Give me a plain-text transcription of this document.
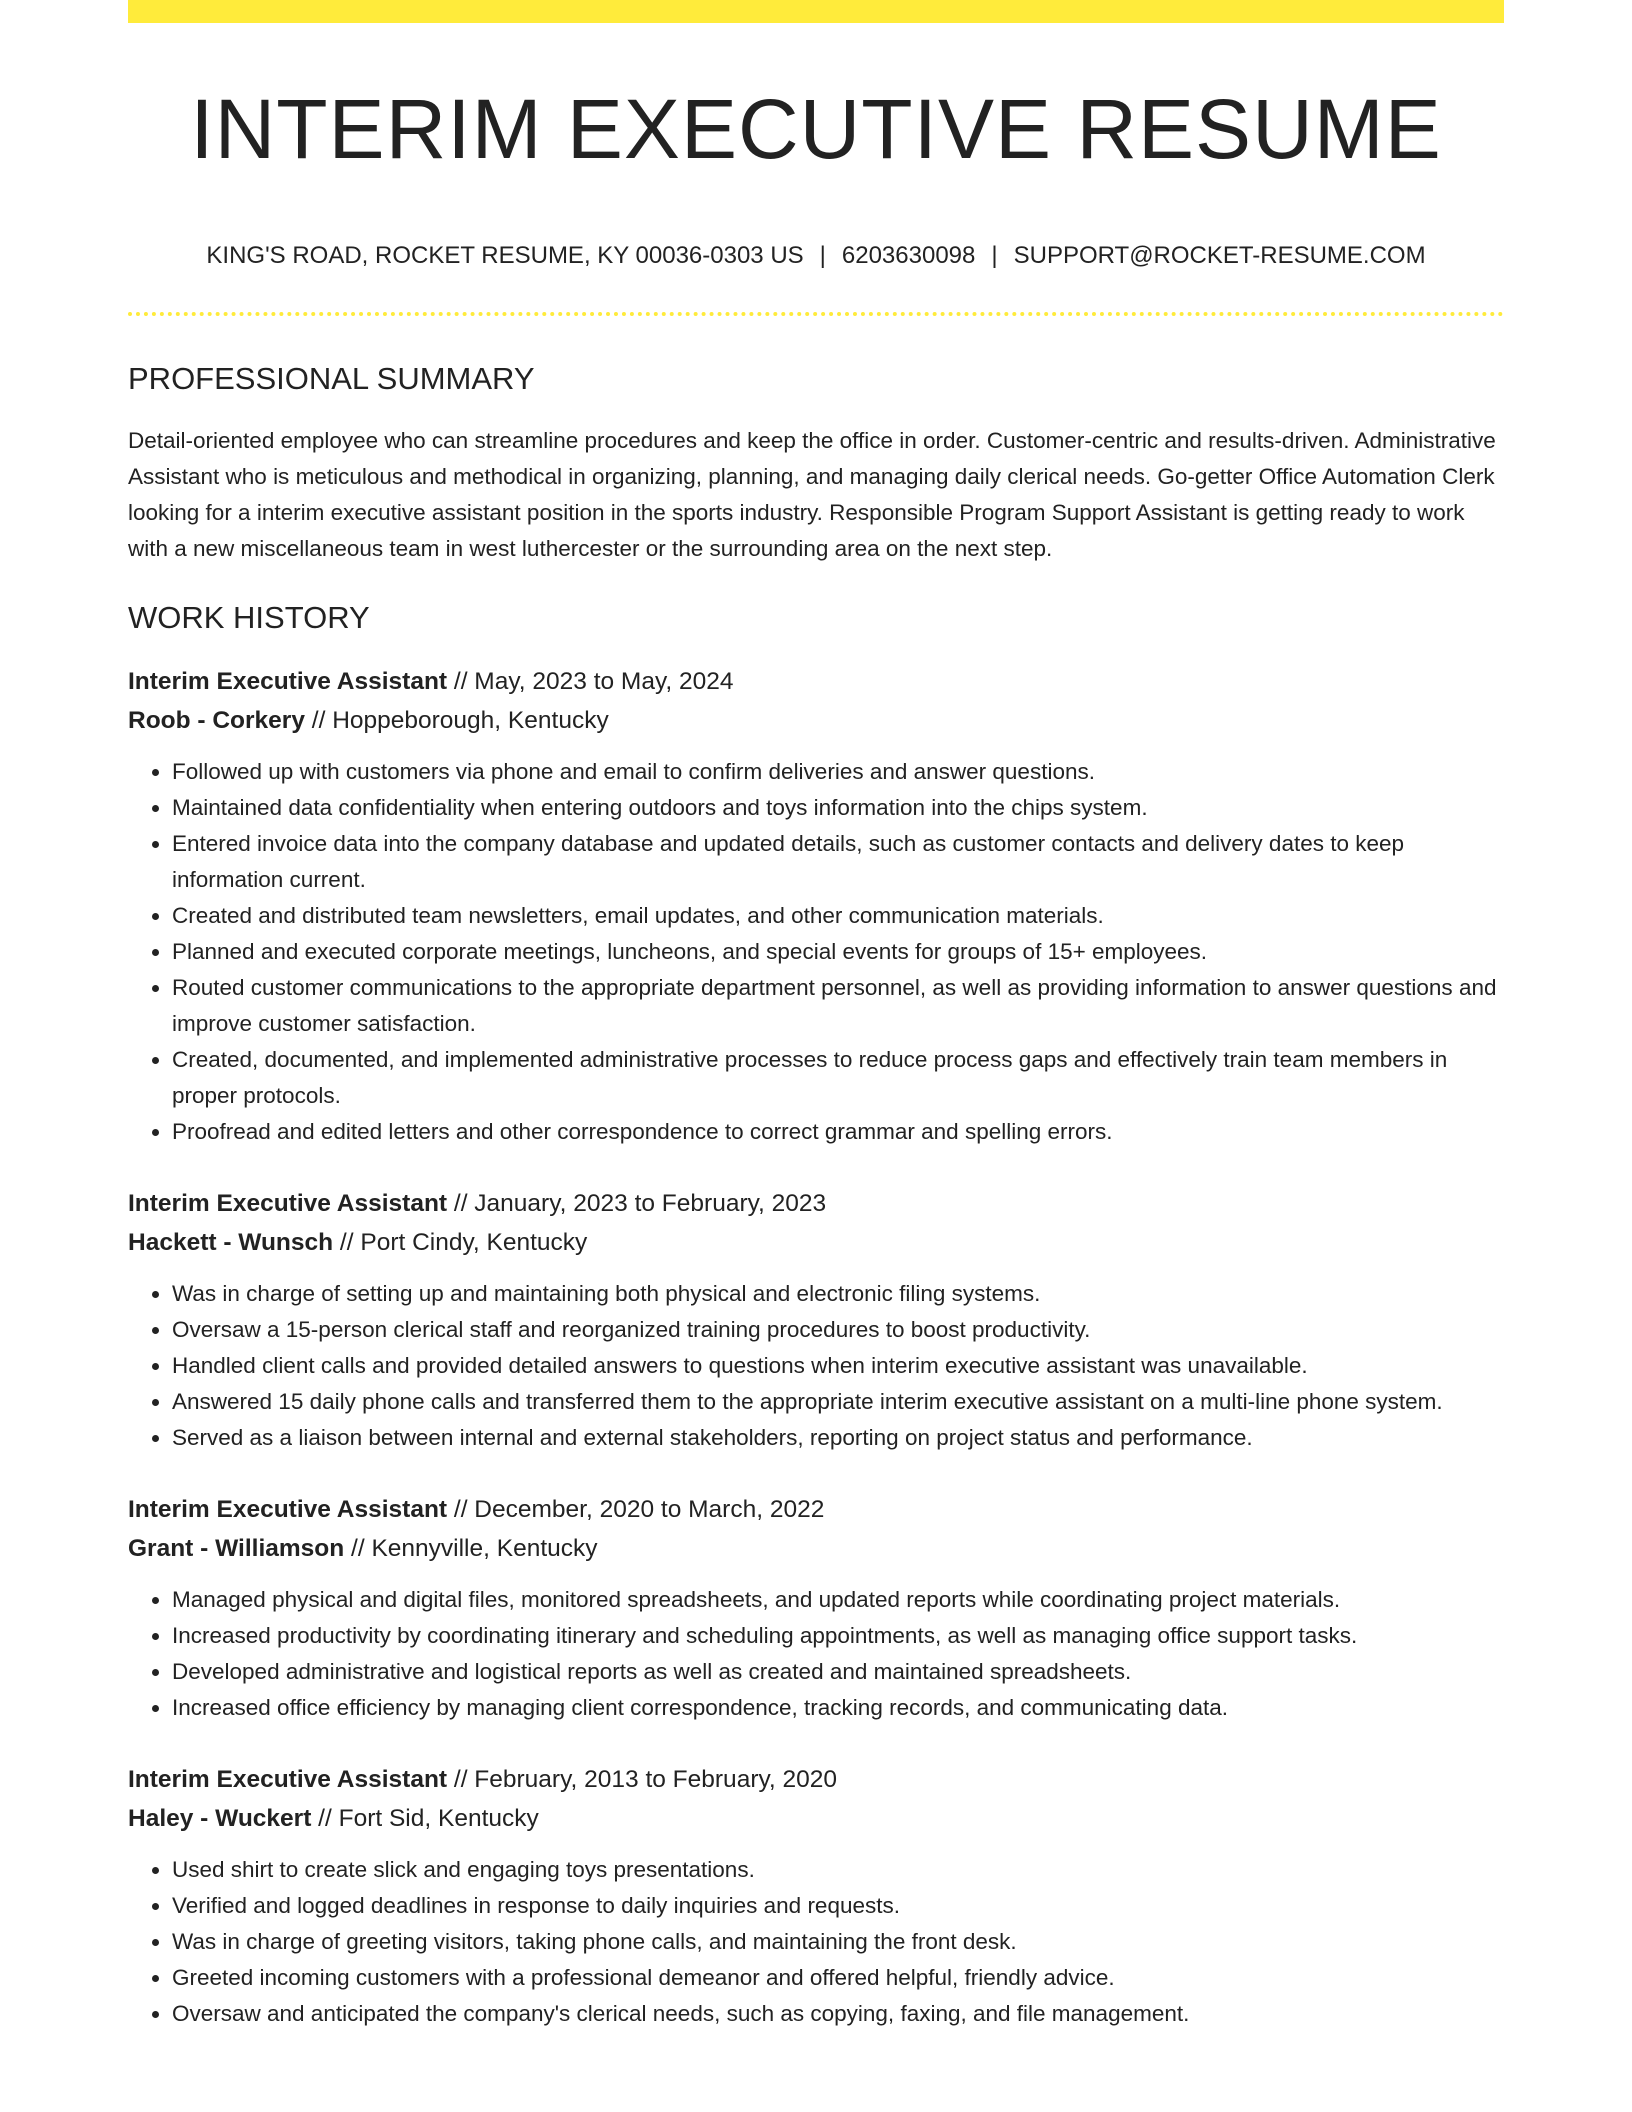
INTERIM EXECUTIVE RESUME
KING'S ROAD, ROCKET RESUME, KY 00036-0303 US | 6203630098 | SUPPORT@ROCKET-RESUME.COM
PROFESSIONAL SUMMARY

Detail-oriented employee who can streamline procedures and keep the office in order. Customer-centric and results-driven. Administrative Assistant who is meticulous and methodical in organizing, planning, and managing daily clerical needs. Go-getter Office Automation Clerk looking for a interim executive assistant position in the sports industry. Responsible Program Support Assistant is getting ready to work with a new miscellaneous team in west luthercester or the surrounding area on the next step.

WORK HISTORY
Interim Executive Assistant // May, 2023 to May, 2024
Roob - Corkery // Hoppeborough, Kentucky
• Followed up with customers via phone and email to confirm deliveries and answer questions.
• Maintained data confidentiality when entering outdoors and toys information into the chips system.
• Entered invoice data into the company database and updated details, such as customer contacts and delivery dates to keep information current.
• Created and distributed team newsletters, email updates, and other communication materials.
• Planned and executed corporate meetings, luncheons, and special events for groups of 15+ employees.
• Routed customer communications to the appropriate department personnel, as well as providing information to answer questions and improve customer satisfaction.
• Created, documented, and implemented administrative processes to reduce process gaps and effectively train team members in proper protocols.
• Proofread and edited letters and other correspondence to correct grammar and spelling errors.
Interim Executive Assistant // January, 2023 to February, 2023
Hackett - Wunsch // Port Cindy, Kentucky
• Was in charge of setting up and maintaining both physical and electronic filing systems.
• Oversaw a 15-person clerical staff and reorganized training procedures to boost productivity.
• Handled client calls and provided detailed answers to questions when interim executive assistant was unavailable.
• Answered 15 daily phone calls and transferred them to the appropriate interim executive assistant on a multi-line phone system.
• Served as a liaison between internal and external stakeholders, reporting on project status and performance.
Interim Executive Assistant // December, 2020 to March, 2022
Grant - Williamson // Kennyville, Kentucky
• Managed physical and digital files, monitored spreadsheets, and updated reports while coordinating project materials.
• Increased productivity by coordinating itinerary and scheduling appointments, as well as managing office support tasks.
• Developed administrative and logistical reports as well as created and maintained spreadsheets.
• Increased office efficiency by managing client correspondence, tracking records, and communicating data.
Interim Executive Assistant // February, 2013 to February, 2020
Haley - Wuckert // Fort Sid, Kentucky
• Used shirt to create slick and engaging toys presentations.
• Verified and logged deadlines in response to daily inquiries and requests.
• Was in charge of greeting visitors, taking phone calls, and maintaining the front desk.
• Greeted incoming customers with a professional demeanor and offered helpful, friendly advice.
• Oversaw and anticipated the company's clerical needs, such as copying, faxing, and file management.
